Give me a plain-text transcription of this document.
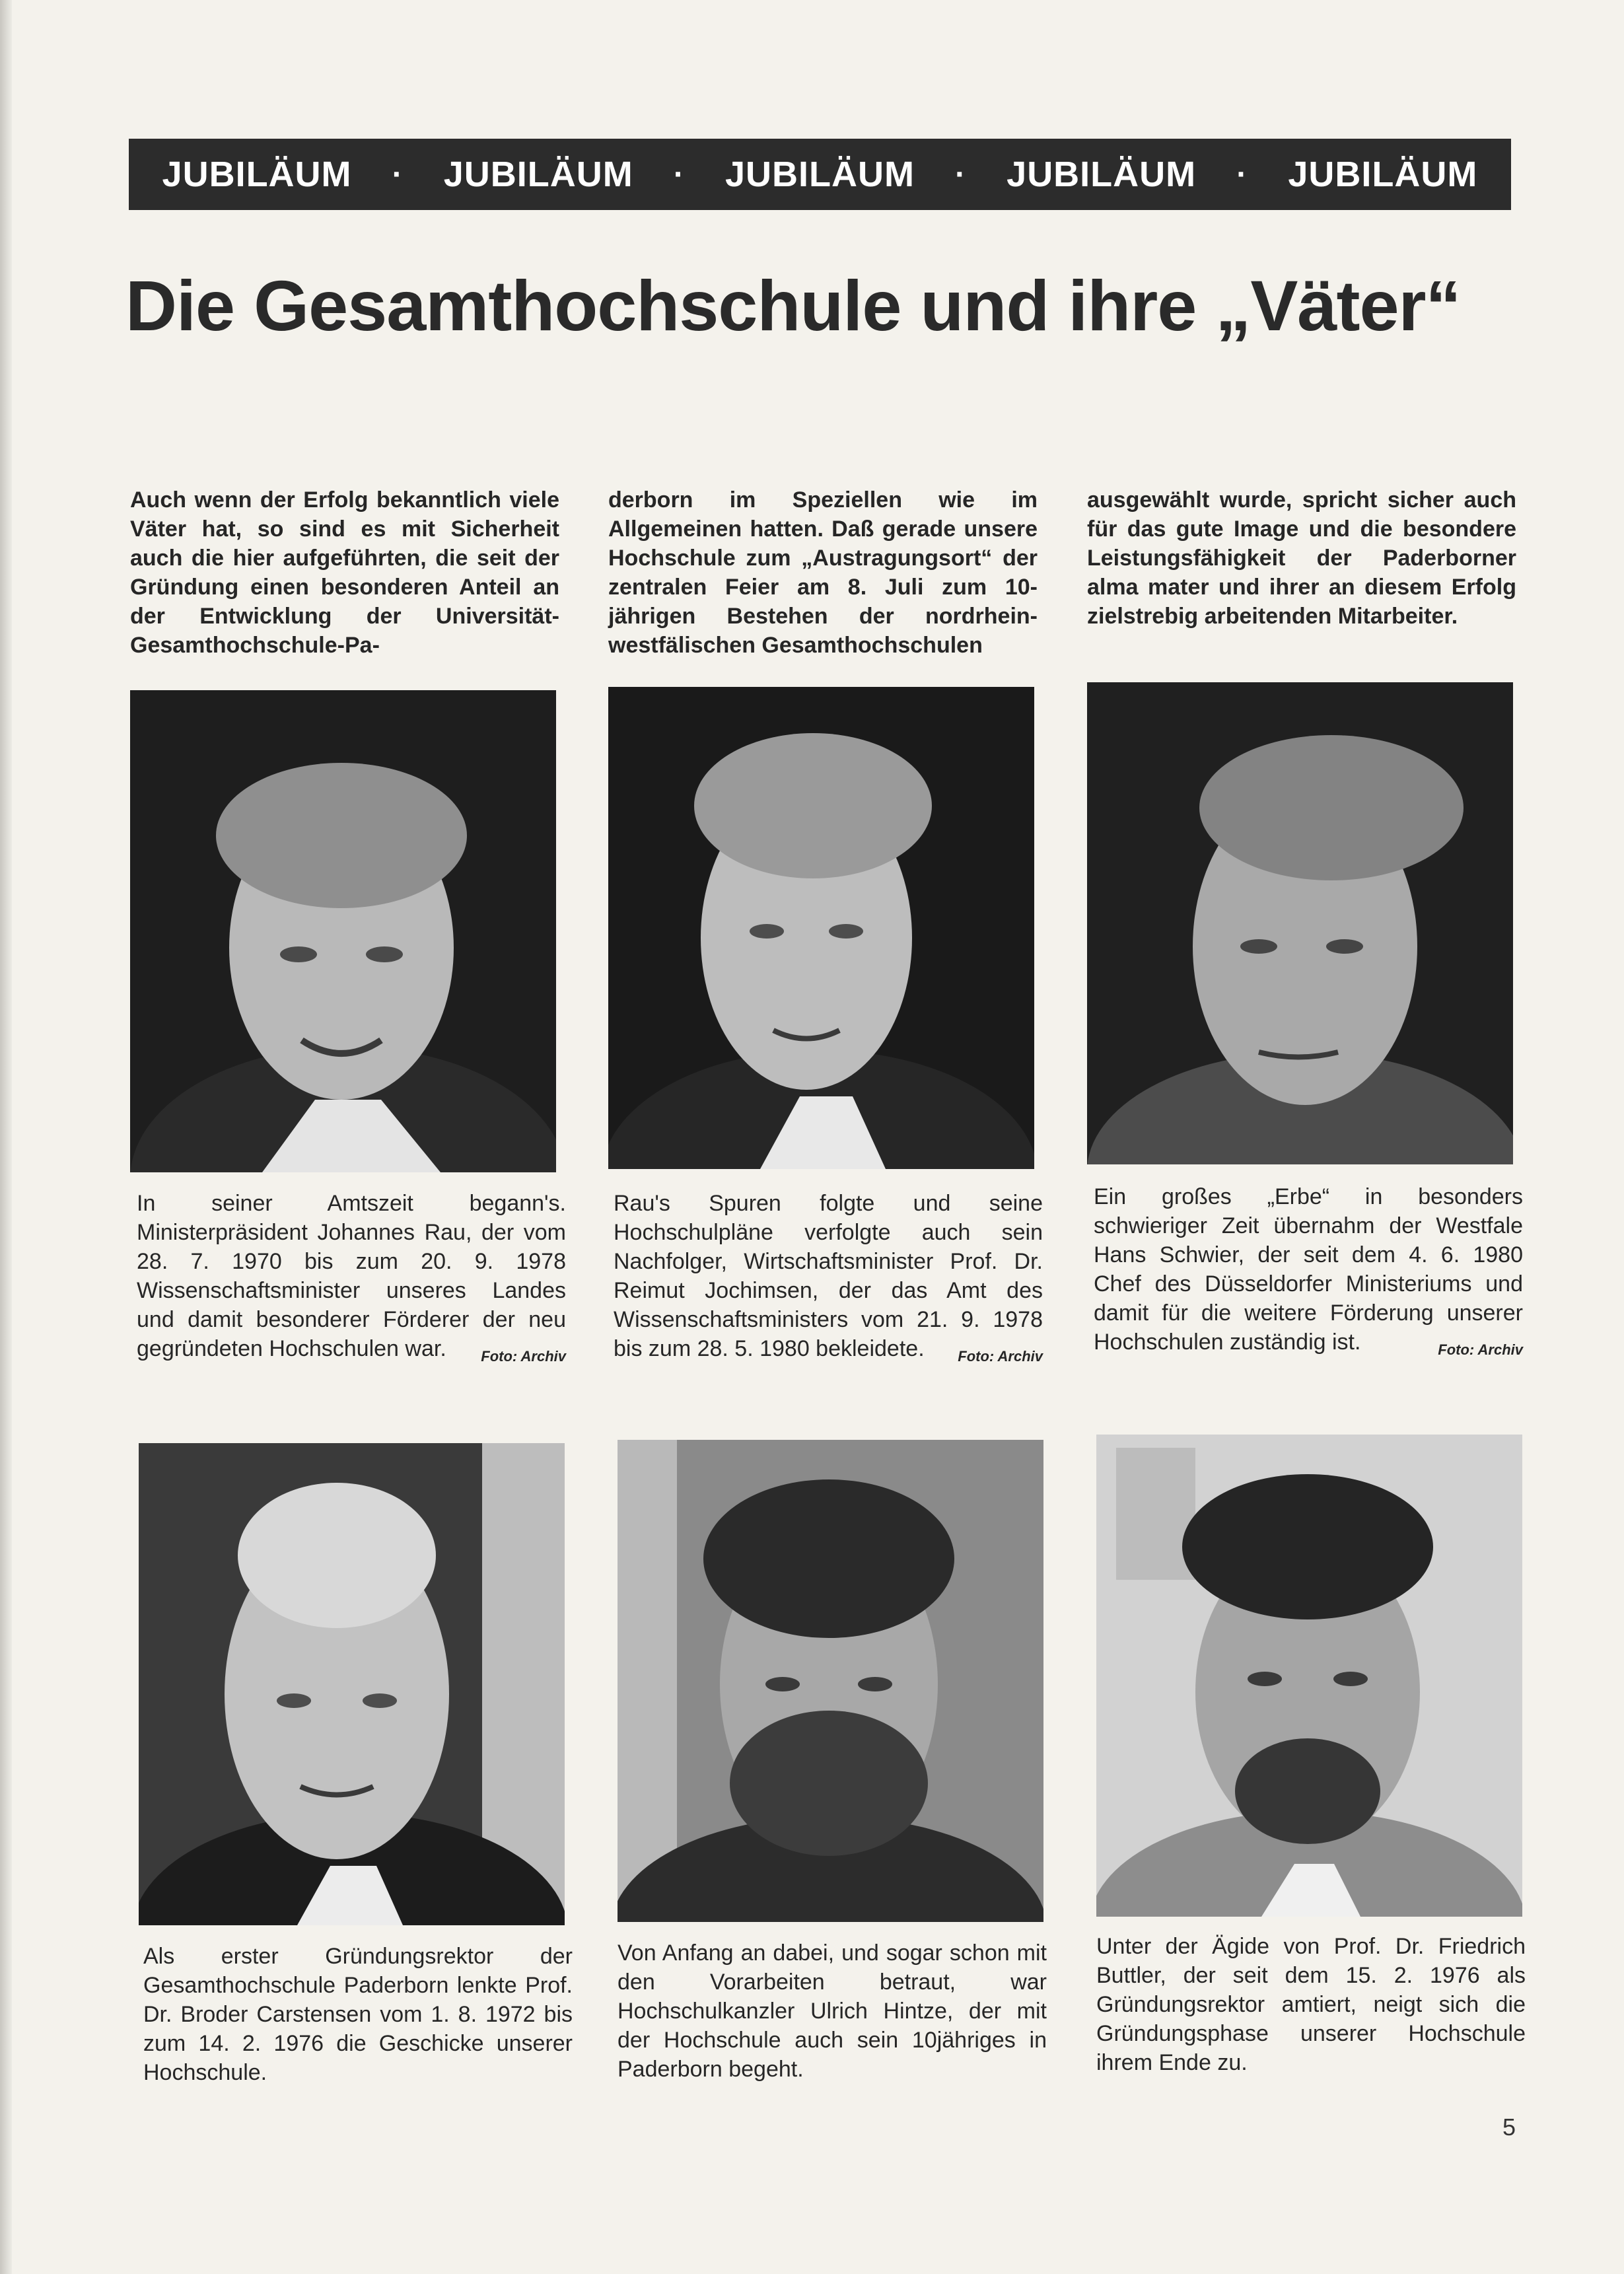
JUBILÄUM · JUBILÄUM · JUBILÄUM · JUBILÄUM · JUBILÄUM
Die Gesamthochschule und ihre „Väter“

Auch wenn der Erfolg bekanntlich viele Väter hat, so sind es mit Sicherheit auch die hier aufgeführten, die seit der Gründung einen besonderen Anteil an der Entwicklung der Universität-Gesamthochschule-Pa-

derborn im Speziellen wie im Allgemeinen hatten. Daß gerade unsere Hochschule zum „Austragungsort“ der zentralen Feier am 8. Juli zum 10-jährigen Bestehen der nordrhein-westfälischen Gesamthochschulen

ausgewählt wurde, spricht sicher auch für das gute Image und die besondere Leistungsfähigkeit der Paderborner alma mater und ihrer an diesem Erfolg zielstrebig arbeitenden Mitarbeiter.

In seiner Amtszeit begann's. Ministerpräsident Johannes Rau, der vom 28. 7. 1970 bis zum 20. 9. 1978 Wissenschaftsminister unseres Landes und damit besonderer Förderer der neu gegründeten Hochschulen war. Foto: Archiv

Rau's Spuren folgte und seine Hochschulpläne verfolgte auch sein Nachfolger, Wirtschaftsminister Prof. Dr. Reimut Jochimsen, der das Amt des Wissenschaftsministers vom 21. 9. 1978 bis zum 28. 5. 1980 bekleidete. Foto: Archiv

Ein großes „Erbe“ in besonders schwieriger Zeit übernahm der Westfale Hans Schwier, der seit dem 4. 6. 1980 Chef des Düsseldorfer Ministeriums und damit für die weitere Förderung unserer Hochschulen zuständig ist.	Foto: Archiv

Als erster Gründungsrektor der Gesamthochschule Paderborn lenkte Prof. Dr. Broder Carstensen vom 1. 8. 1972 bis zum 14. 2. 1976 die Geschicke unserer Hochschule.

Von Anfang an dabei, und sogar schon mit den Vorarbeiten betraut, war Hochschulkanzler Ulrich Hintze, der mit der Hochschule auch sein 10jähriges in Paderborn begeht.

Unter der Ägide von Prof. Dr. Friedrich Buttler, der seit dem 15. 2. 1976 als Gründungsrektor amtiert, neigt sich die Gründungsphase unserer Hochschule ihrem Ende zu.

5
